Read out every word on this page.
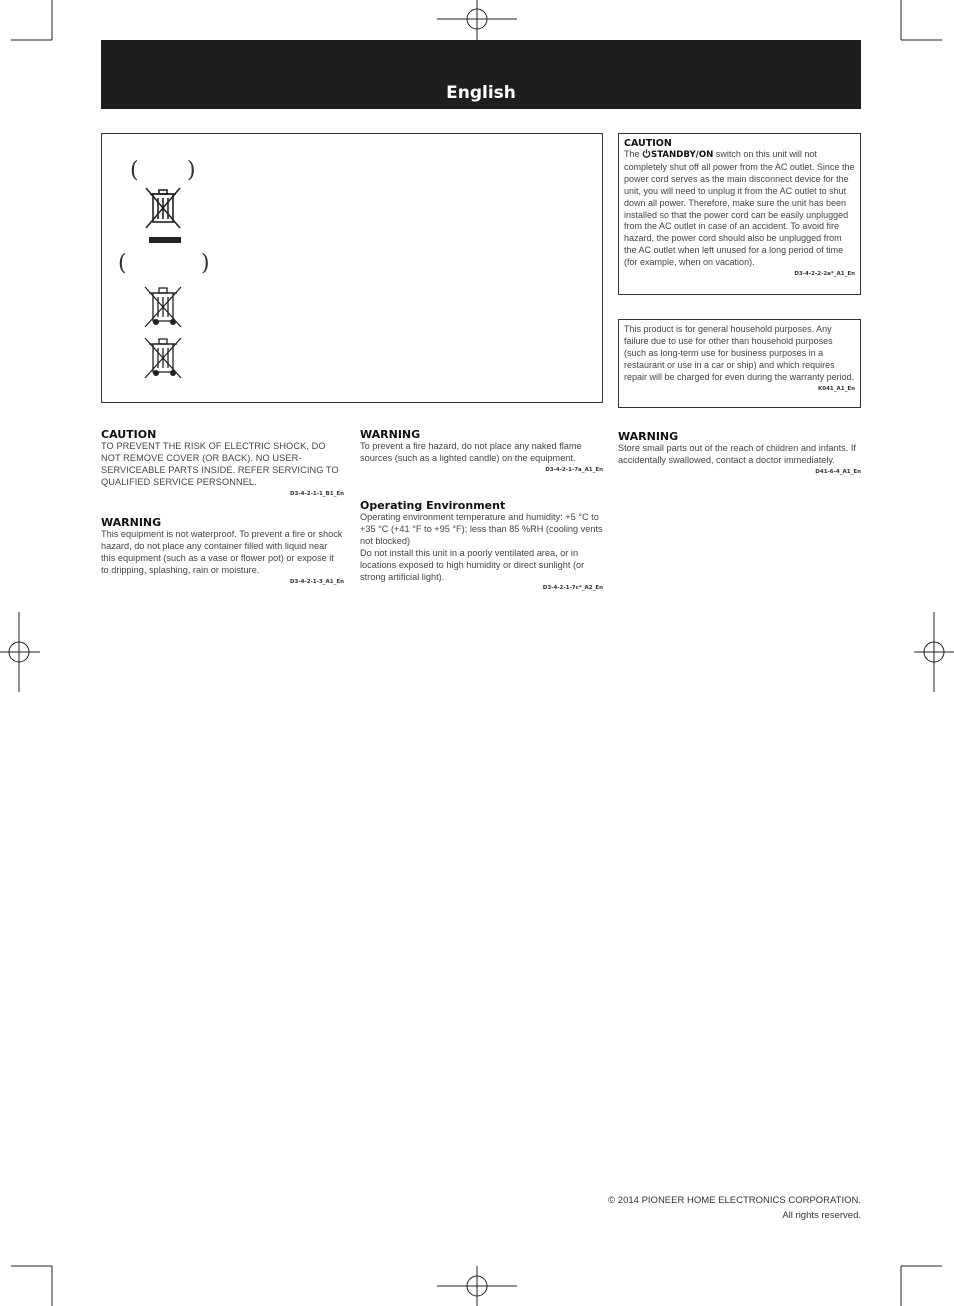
English
( )
(	)
CAUTION
The STANDBY/ON switch on this unit will not completely shut off all power from the AC outlet. Since the power cord serves as the main disconnect device for the unit, you will need to unplug it from the AC outlet to shut down all power. Therefore, make sure the unit has been installed so that the power cord can be easily unplugged from the AC outlet in case of an accident. To avoid fire hazard, the power cord should also be unplugged from the AC outlet when left unused for a long period of time (for example, when on vacation).
D3-4-2-2-2a*_A1_En
This product is for general household purposes. Any failure due to use for other than household purposes (such as long-term use for business purposes in a restaurant or use in a car or ship) and which requires repair will be charged for even during the warranty period.
K041_A1_En
CAUTION
TO PREVENT THE RISK OF ELECTRIC SHOCK, DO NOT REMOVE COVER (OR BACK). NO USER-SERVICEABLE PARTS INSIDE. REFER SERVICING TO QUALIFIED SERVICE PERSONNEL.
D3-4-2-1-1_B1_En
WARNING
This equipment is not waterproof. To prevent a fire or shock hazard, do not place any container filled with liquid near this equipment (such as a vase or flower pot) or expose it to dripping, splashing, rain or moisture.
D3-4-2-1-3_A1_En
WARNING
To prevent a fire hazard, do not place any naked flame sources (such as a lighted candle) on the equipment.
D3-4-2-1-7a_A1_En
Operating Environment
Operating environment temperature and humidity: +5 °C to +35 °C (+41 °F to +95 °F); less than 85 %RH (cooling vents not blocked)
Do not install this unit in a poorly ventilated area, or in locations exposed to high humidity or direct sunlight (or strong artificial light).
D3-4-2-1-7c*_A2_En
WARNING
Store small parts out of the reach of children and infants. If accidentally swallowed, contact a doctor immediately.
D41-6-4_A1_En
© 2014 PIONEER HOME ELECTRONICS CORPORATION.
All rights reserved.
